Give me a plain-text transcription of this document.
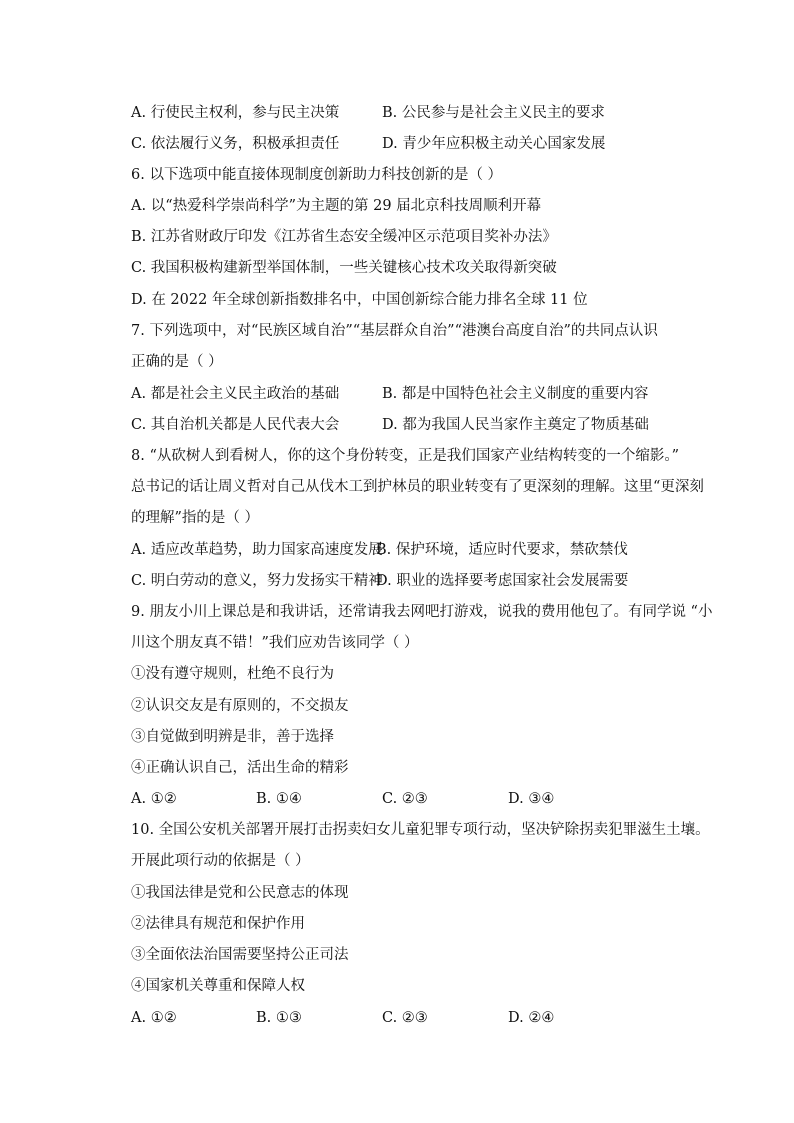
A. 行使民主权利，参与民主决策	B. 公民参与是社会主义民主的要求
C. 依法履行义务，积极承担责任	D. 青少年应积极主动关心国家发展
6. 以下选项中能直接体现制度创新助力科技创新的是（ ）
A. 以“热爱科学崇尚科学”为主题的第 29 届北京科技周顺利开幕
B. 江苏省财政厅印发《江苏省生态安全缓冲区示范项目奖补办法》
C. 我国积极构建新型举国体制，一些关键核心技术攻关取得新突破
D. 在 2022 年全球创新指数排名中，中国创新综合能力排名全球 11 位
7. 下列选项中，对“民族区域自治”“基层群众自治”“港澳台高度自治”的共同点认识
正确的是（ ）
A. 都是社会主义民主政治的基础	B. 都是中国特色社会主义制度的重要内容
C. 其自治机关都是人民代表大会	D. 都为我国人民当家作主奠定了物质基础
8. “从砍树人到看树人，你的这个身份转变，正是我们国家产业结构转变的一个缩影。”
总书记的话让周义哲对自己从伐木工到护林员的职业转变有了更深刻的理解。这里“更深刻
的理解”指的是（ ）
A. 适应改革趋势，助力国家高速度发展
B. 保护环境，适应时代要求，禁砍禁伐
C. 明白劳动的意义，努力发扬实干精神
D. 职业的选择要考虑国家社会发展需要
9. 朋友小川上课总是和我讲话，还常请我去网吧打游戏，说我的费用他包了。有同学说 “小
川这个朋友真不错！”我们应劝告该同学（ ）
①没有遵守规则，杜绝不良行为
②认识交友是有原则的，不交损友
③自觉做到明辨是非，善于选择
④正确认识自己，活出生命的精彩
A. ①②	B. ①④	C. ②③	D. ③④
10. 全国公安机关部署开展打击拐卖妇女儿童犯罪专项行动，坚决铲除拐卖犯罪滋生土壤。
开展此项行动的依据是（ ）
①我国法律是党和公民意志的体现
②法律具有规范和保护作用
③全面依法治国需要坚持公正司法
④国家机关尊重和保障人权
A. ①②	B. ①③	C. ②③	D. ②④
